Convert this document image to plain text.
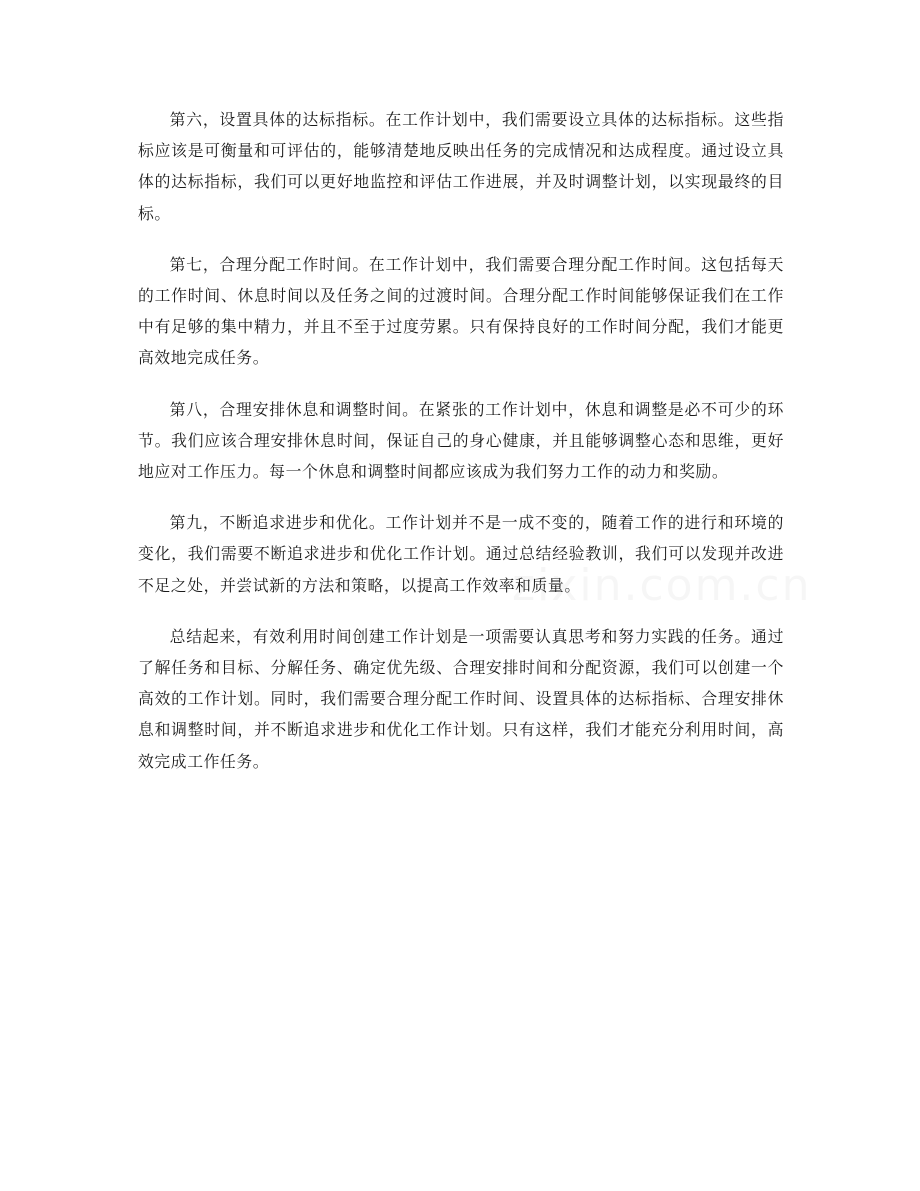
第六，设置具体的达标指标。在工作计划中，我们需要设立具体的达标指标。这些指标应该是可衡量和可评估的，能够清楚地反映出任务的完成情况和达成程度。通过设立具体的达标指标，我们可以更好地监控和评估工作进展，并及时调整计划，以实现最终的目标。

第七，合理分配工作时间。在工作计划中，我们需要合理分配工作时间。这包括每天的工作时间、休息时间以及任务之间的过渡时间。合理分配工作时间能够保证我们在工作中有足够的集中精力，并且不至于过度劳累。只有保持良好的工作时间分配，我们才能更高效地完成任务。

第八，合理安排休息和调整时间。在紧张的工作计划中，休息和调整是必不可少的环节。我们应该合理安排休息时间，保证自己的身心健康，并且能够调整心态和思维，更好地应对工作压力。每一个休息和调整时间都应该成为我们努力工作的动力和奖励。

第九，不断追求进步和优化。工作计划并不是一成不变的，随着工作的进行和环境的变化，我们需要不断追求进步和优化工作计划。通过总结经验教训，我们可以发现并改进不足之处，并尝试新的方法和策略，以提高工作效率和质量。

总结起来，有效利用时间创建工作计划是一项需要认真思考和努力实践的任务。通过了解任务和目标、分解任务、确定优先级、合理安排时间和分配资源，我们可以创建一个高效的工作计划。同时，我们需要合理分配工作时间、设置具体的达标指标、合理安排休息和调整时间，并不断追求进步和优化工作计划。只有这样，我们才能充分利用时间，高效完成工作任务。

zixin.com.cn
